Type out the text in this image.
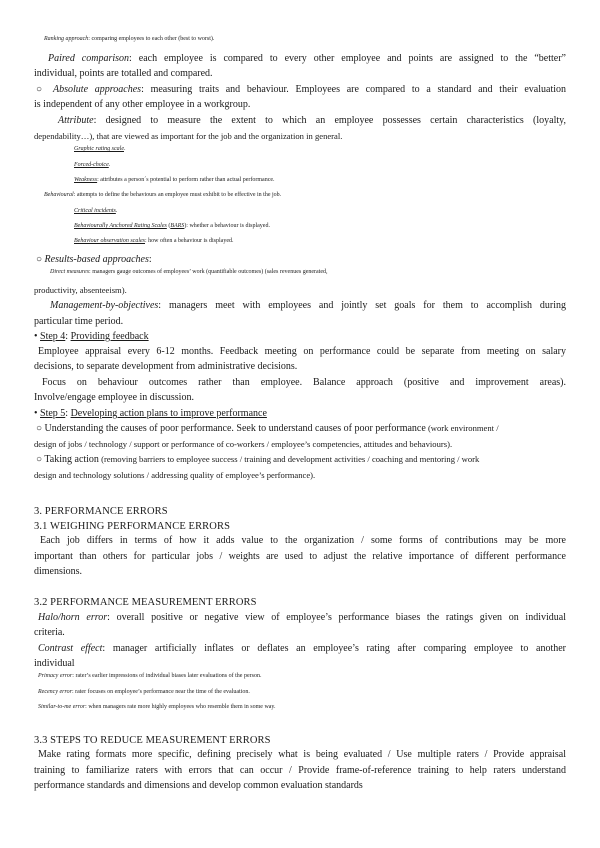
Ranking approach: comparing employees to each other (best to worst).
Paired comparison: each employee is compared to every other employee and points are assigned to the “better”
individual, points are totalled and compared.
○ Absolute approaches: measuring traits and behaviour. Employees are compared to a standard and their evaluation
is independent of any other employee in a workgroup.
Attribute: designed to measure the extent to which an employee possesses certain characteristics (loyalty,
dependability…), that are viewed as important for the job and the organization in general.
Graphic rating scale.
Forced-choice.
Weakness: attributes a person´s potential to perform rather than actual performance.
Behavioural: attempts to define the behaviours an employee must exhibit to be effective in the job.
Critical incidents.
Behaviourally Anchored Rating Scales (BARS): whether a behaviour is displayed.
Behaviour observation scales: how often a behaviour is displayed.
○ Results-based approaches:
Direct measures: managers gauge outcomes of employees’ work (quantifiable outcomes) (sales revenues generated,
productivity, absenteeism).
Management-by-objectives: managers meet with employees and jointly set goals for them to accomplish during
particular time period.
• Step 4: Providing feedback
Employee appraisal every 6-12 months. Feedback meeting on performance could be separate from meeting on salary
decisions, to separate development from administrative decisions.
Focus on behaviour outcomes rather than employee. Balance approach (positive and improvement areas).
Involve/engage employee in discussion.
• Step 5: Developing action plans to improve performance
○ Understanding the causes of poor performance. Seek to understand causes of poor performance (work environment /
design of jobs / technology / support or performance of co-workers / employee’s competencies, attitudes and behaviours).
○ Taking action (removing barriers to employee success / training and development activities / coaching and mentoring / work
design and technology solutions / addressing quality of employee’s performance).
3. PERFORMANCE ERRORS
3.1 WEIGHING PERFORMANCE ERRORS
Each job differs in terms of how it adds value to the organization / some forms of contributions may be more
important than others for particular jobs / weights are used to adjust the relative importance of different performance
dimensions.
3.2 PERFORMANCE MEASUREMENT ERRORS
Halo/horn error: overall positive or negative view of employee’s performance biases the ratings given on individual
criteria.
Contrast effect: manager artificially inflates or deflates an employee’s rating after comparing employee to another
individual
Primacy error: rater’s earlier impressions of individual biases later evaluations of the person.
Recency error: rater focuses on employee’s performance near the time of the evaluation.
Similar-to-me error: when managers rate more highly employees who resemble them in some way.
3.3 STEPS TO REDUCE MEASUREMENT ERRORS
Make rating formats more specific, defining precisely what is being evaluated / Use multiple raters / Provide appraisal
training to familiarize raters with errors that can occur / Provide frame-of-reference training to help raters understand
performance standards and dimensions and develop common evaluation standards
